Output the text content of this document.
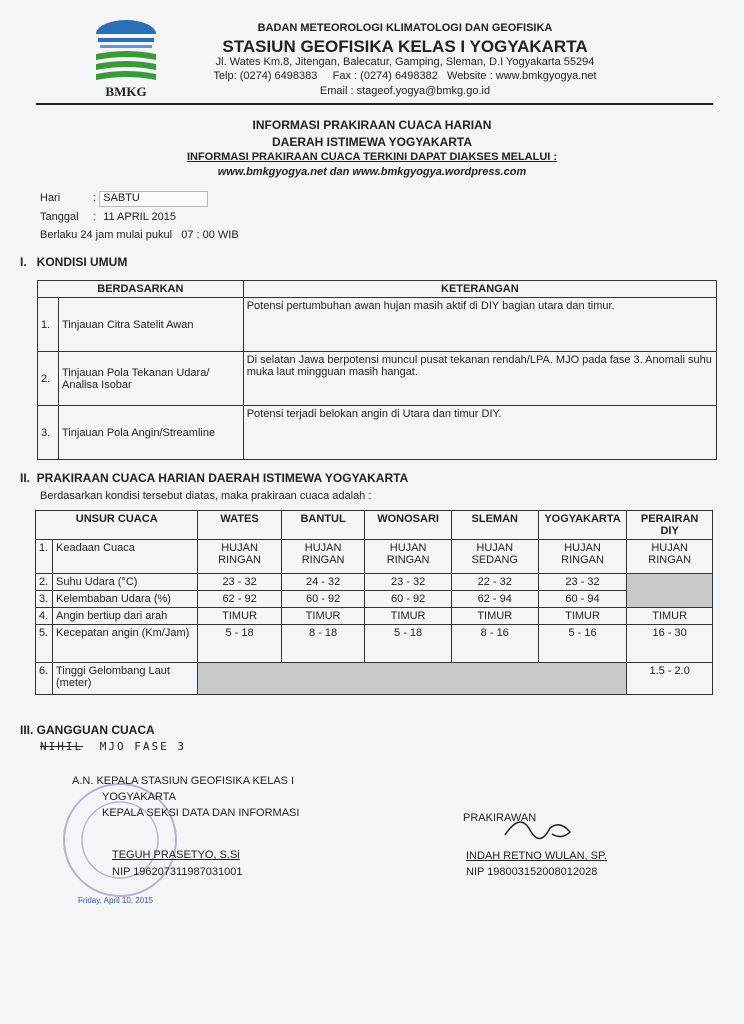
BMKG
BADAN METEOROLOGI KLIMATOLOGI DAN GEOFISIKA
STASIUN GEOFISIKA KELAS I YOGYAKARTA
Jl. Wates Km.8, Jitengan, Balecatur, Gamping, Sleman, D.I Yogyakarta 55294
Telp: (0274) 6498383     Fax : (0274) 6498382   Website : www.bmkgyogya.net
Email : stageof.yogya@bmkg.go.id
INFORMASI PRAKIRAAN CUACA HARIAN
DAERAH ISTIMEWA YOGYAKARTA
INFORMASI PRAKIRAAN CUACA TERKINI DAPAT DIAKSES MELALUI :
www.bmkgyogya.net dan www.bmkgyogya.wordpress.com
Hari	: SABTU
Tanggal : 11 APRIL 2015
Berlaku 24 jam mulai pukul   07 : 00 WIB
I.   KONDISI UMUM
BERDASARKAN		KETERANGAN
1.	Tinjauan Citra Satelit Awan	Potensi pertumbuhan awan hujan masih aktif di DIY bagian utara dan timur.
2.	Tinjauan Pola Tekanan Udara/ Analisa Isobar	Di selatan Jawa berpotensi muncul pusat tekanan rendah/LPA. MJO pada fase 3. Anomali suhu muka laut mingguan masih hangat.
3.	Tinjauan Pola Angin/Streamline	Potensi terjadi belokan angin di Utara dan timur DIY.
II.  PRAKIRAAN CUACA HARIAN DAERAH ISTIMEWA YOGYAKARTA
Berdasarkan kondisi tersebut diatas, maka prakiraan cuaca adalah :
UNSUR CUACA		WATES	BANTUL	WONOSARI	SLEMAN	YOGYAKARTA	PERAIRAN DIY
1.	Keadaan Cuaca	HUJAN RINGAN	HUJAN RINGAN	HUJAN RINGAN	HUJAN SEDANG	HUJAN RINGAN	HUJAN RINGAN
2.	Suhu Udara (°C)	23 - 32	24 - 32	23 - 32	22 - 32	23 - 32	
3.	Kelembaban Udara (%)	62 - 92	60 - 92	60 - 92	62 - 94	60 - 94	
4.	Angin bertiup dari arah	TIMUR	TIMUR	TIMUR	TIMUR	TIMUR	TIMUR
5.	Kecepatan angin (Km/Jam)	5 - 18	8 - 18	5 - 18	8 - 16	5 - 16	16 - 30
6.	Tinggi Gelombang Laut (meter)						1.5 - 2.0
III. GANGGUAN CUACA
NIHIL MJO FASE 3
A.N. KEPALA STASIUN GEOFISIKA KELAS I
YOGYAKARTA
KEPALA SEKSI DATA DAN INFORMASI
TEGUH PRASETYO, S.Si
NIP 196207311987031001
Friday, April 10, 2015
PRAKIRAWAN
INDAH RETNO WULAN, SP.
NIP 198003152008012028
